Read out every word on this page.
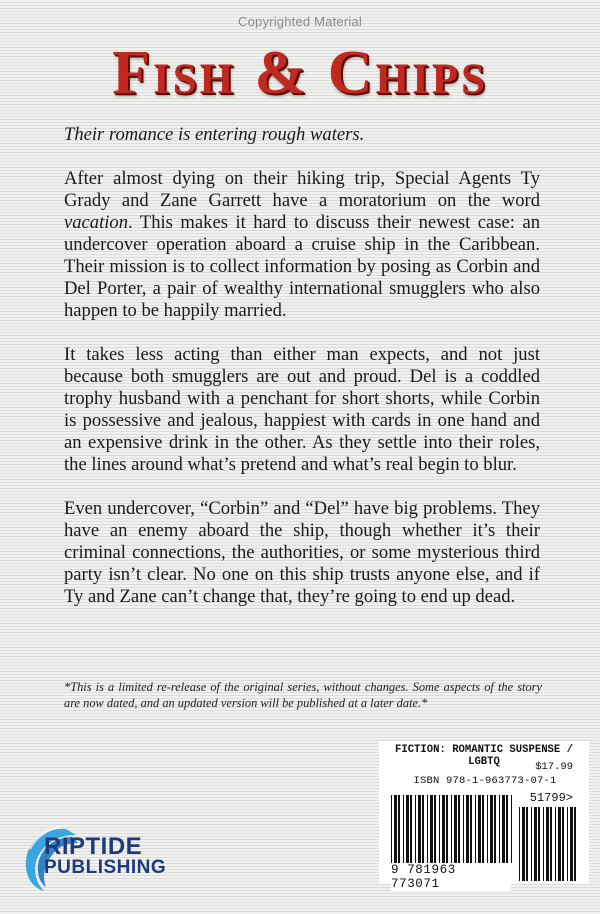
Copyrighted Material
Fish & Chips

Their romance is entering rough waters.

After almost dying on their hiking trip, Special Agents Ty Grady and Zane Garrett have a moratorium on the word vacation. This makes it hard to discuss their newest case: an undercover operation aboard a cruise ship in the Caribbean. Their mission is to collect information by posing as Corbin and Del Porter, a pair of wealthy international smugglers who also happen to be happily married.

It takes less acting than either man expects, and not just because both smugglers are out and proud. Del is a coddled trophy husband with a penchant for short shorts, while Corbin is possessive and jealous, happiest with cards in one hand and an expensive drink in the other. As they settle into their roles, the lines around what’s pretend and what’s real begin to blur.

Even undercover, “Corbin” and “Del” have big problems. They have an enemy aboard the ship, though whether it’s their criminal connections, the authorities, or some mysterious third party isn’t clear. No one on this ship trusts anyone else, and if Ty and Zane can’t change that, they’re going to end up dead.

*This is a limited re-release of the original series, without changes. Some aspects of the story are now dated, and an updated version will be published at a later date.*
FICTION: ROMANTIC SUSPENSE / LGBTQ	$17.99
ISBN 978-1-963773-07-1
51799>
9 781963 773071
RIPTIDE
PUBLISHING
